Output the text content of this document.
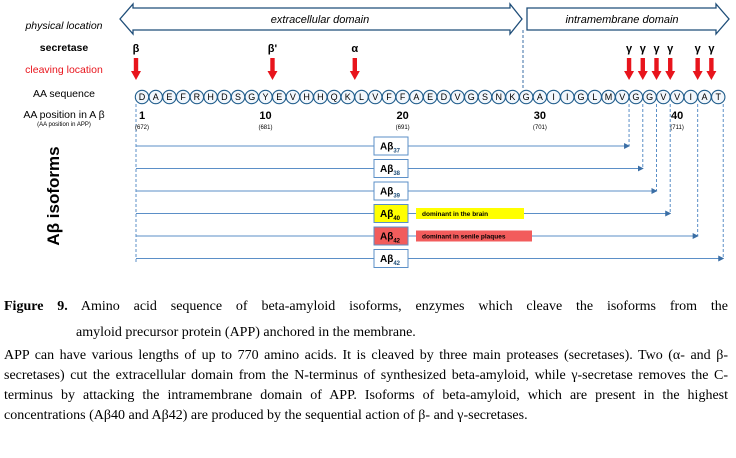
physical location
secretase
cleaving location
AA sequence
AA position in A β
(AA position in APP)
Aβ isoforms
extracellular domain	intramembrane domain
β	β'	α	γ γ γ γ γ γ
D A E F R H D S G Y E V H H Q K L V F F A E D V G S N K G A I I G L M V G G V V I A T
1
(672)
10
(681)
20
(691)
30
(701)
40
(711)
$A\beta_{37}$
$A\beta_{38}$
$A\beta_{39}$
$A\beta_{40}$
dominant in the brain
$A\beta_{42}$
dominant in senile plaques
$A\beta_{42}$
Figure 9. Amino acid sequence of beta-amyloid isoforms, enzymes which cleave the isoforms from the
amyloid precursor protein (APP) anchored in the membrane.
APP can have various lengths of up to 770 amino acids. It is cleaved by three main proteases (secretases). Two (α- and β-secretases) cut the extracellular domain from the N-terminus of synthesized beta-amyloid, while γ-secretase removes the C-terminus by attacking the intramembrane domain of APP. Isoforms of beta-amyloid, which are present in the highest concentrations (Aβ40 and Aβ42) are produced by the sequential action of β- and γ-secretases.
